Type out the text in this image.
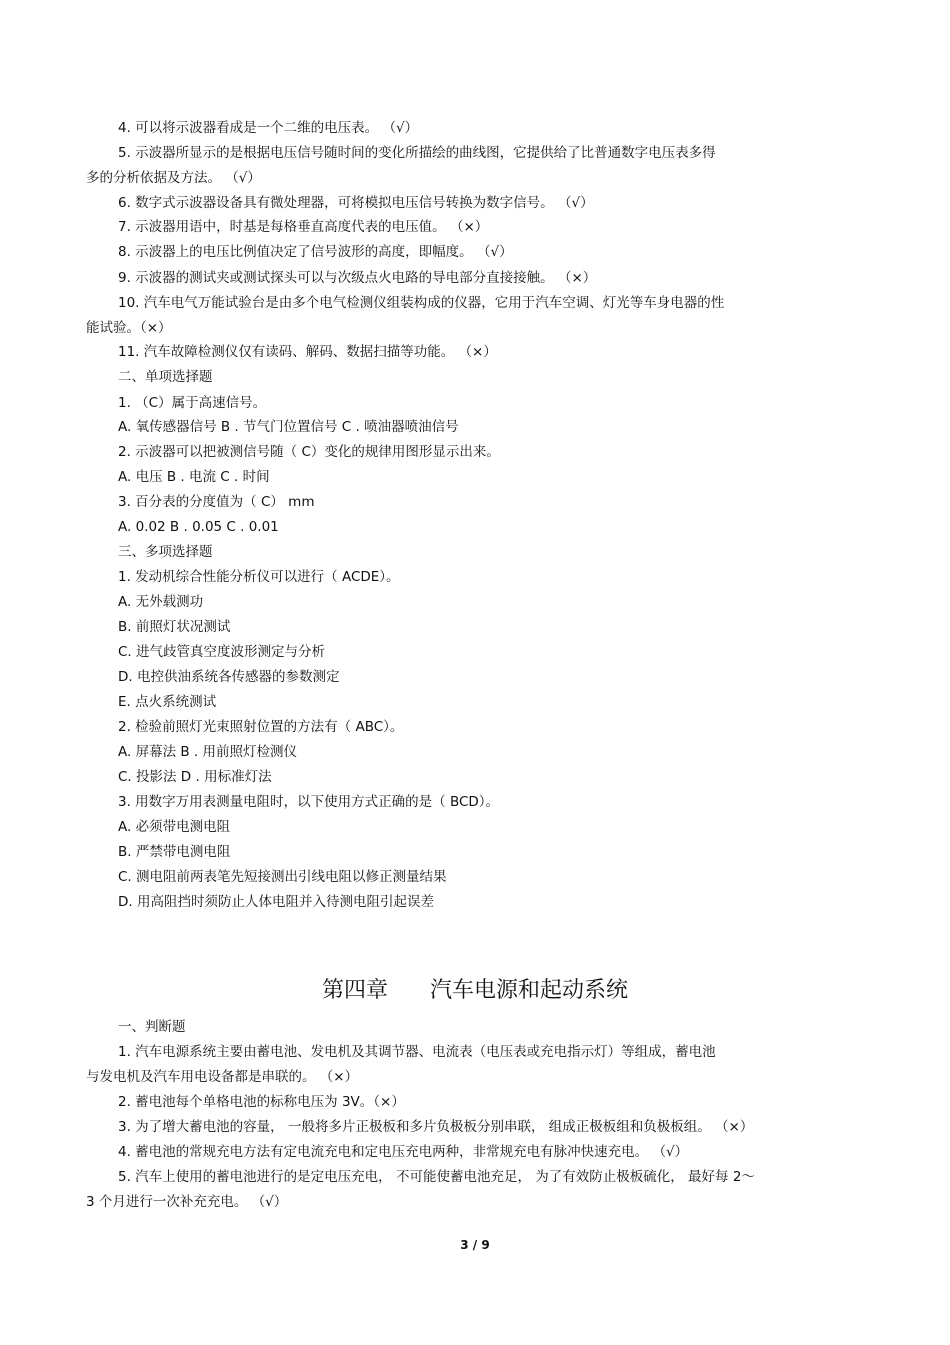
4. 可以将示波器看成是一个二维的电压表。 （√）
5. 示波器所显示的是根据电压信号随时间的变化所描绘的曲线图，它提供给了比普通数字电压表多得
多的分析依据及方法。 （√）
6. 数字式示波器设备具有微处理器，可将模拟电压信号转换为数字信号。 （√）
7. 示波器用语中，时基是每格垂直高度代表的电压值。 （×）
8. 示波器上的电压比例值决定了信号波形的高度，即幅度。 （√）
9. 示波器的测试夹或测试探头可以与次级点火电路的导电部分直接接触。 （×）
10. 汽车电气万能试验台是由多个电气检测仪组装构成的仪器，它用于汽车空调、灯光等车身电器的性
能试验。（×）
11. 汽车故障检测仪仅有读码、解码、数据扫描等功能。 （×）
二、单项选择题
1. （C）属于高速信号。
A. 氧传感器信号 B . 节气门位置信号 C . 喷油器喷油信号
2. 示波器可以把被测信号随（ C）变化的规律用图形显示出来。
A. 电压 B . 电流 C . 时间
3. 百分表的分度值为（ C） mm
A. 0.02 B . 0.05 C . 0.01
三、多项选择题
1. 发动机综合性能分析仪可以进行（ ACDE）。
A. 无外载测功
B. 前照灯状况测试
C. 进气歧管真空度波形测定与分析
D. 电控供油系统各传感器的参数测定
E. 点火系统测试
2. 检验前照灯光束照射位置的方法有（ ABC）。
A. 屏幕法 B . 用前照灯检测仪
C. 投影法 D . 用标准灯法
3. 用数字万用表测量电阻时，以下使用方式正确的是（ BCD）。
A. 必须带电测电阻
B. 严禁带电测电阻
C. 测电阻前两表笔先短接测出引线电阻以修正测量结果
D. 用高阻挡时须防止人体电阻并入待测电阻引起误差
第四章      汽车电源和起动系统
一、判断题
1. 汽车电源系统主要由蓄电池、发电机及其调节器、电流表（电压表或充电指示灯）等组成，蓄电池
与发电机及汽车用电设备都是串联的。 （×）
2. 蓄电池每个单格电池的标称电压为 3V。（×）
3. 为了增大蓄电池的容量， 一般将多片正极板和多片负极板分别串联， 组成正极板组和负极板组。 （×）
4. 蓄电池的常规充电方法有定电流充电和定电压充电两种，非常规充电有脉冲快速充电。 （√）
5. 汽车上使用的蓄电池进行的是定电压充电， 不可能使蓄电池充足， 为了有效防止极板硫化， 最好每 2～
3 个月进行一次补充充电。 （√）
3 / 9
